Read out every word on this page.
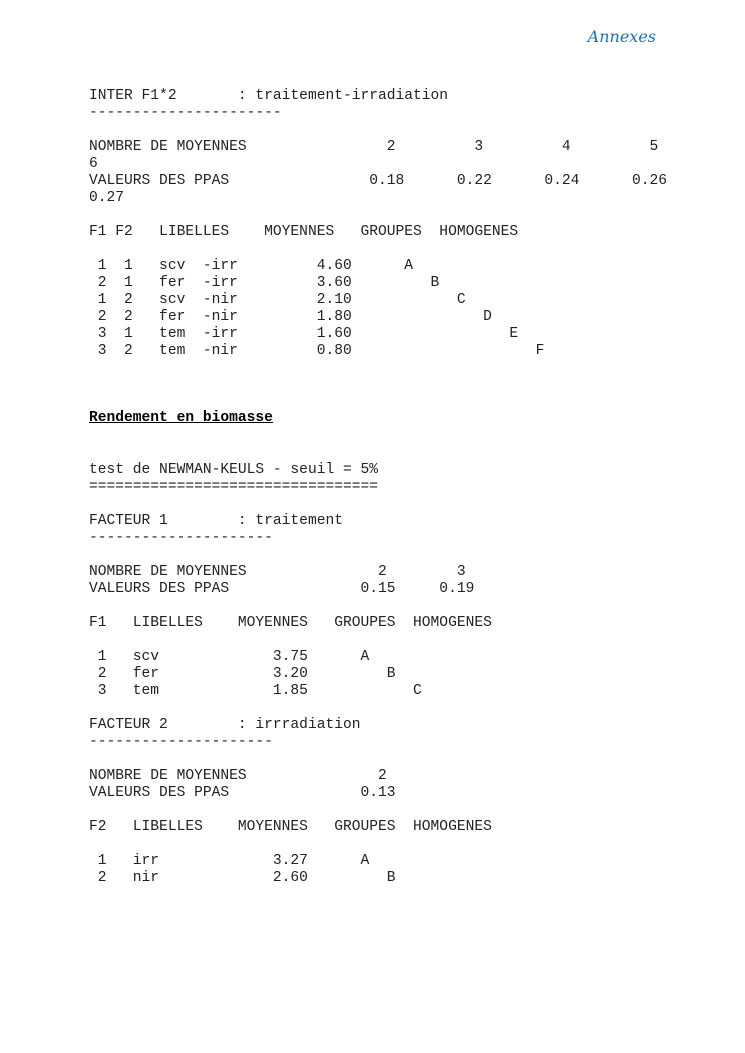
Annexes
INTER F1*2       : traitement-irradiation
----------------------
NOMBRE DE MOYENNES                2         3         4         5
6
VALEURS DES PPAS                0.18      0.22      0.24      0.26
0.27
F1 F2   LIBELLES    MOYENNES   GROUPES  HOMOGENES
1  1   scv  -irr         4.60      A
2  1   fer  -irr         3.60         B
1  2   scv  -nir         2.10            C
2  2   fer  -nir         1.80               D
3  1   tem  -irr         1.60                  E
3  2   tem  -nir         0.80                     F
Rendement en biomasse
test de NEWMAN-KEULS - seuil = 5%
=================================
FACTEUR 1        : traitement
---------------------
NOMBRE DE MOYENNES               2        3
VALEURS DES PPAS               0.15     0.19
F1   LIBELLES    MOYENNES   GROUPES  HOMOGENES
1   scv             3.75      A
2   fer             3.20         B
3   tem             1.85            C
FACTEUR 2        : irrradiation
---------------------
NOMBRE DE MOYENNES               2
VALEURS DES PPAS               0.13
F2   LIBELLES    MOYENNES   GROUPES  HOMOGENES
1   irr             3.27      A
2   nir             2.60         B
